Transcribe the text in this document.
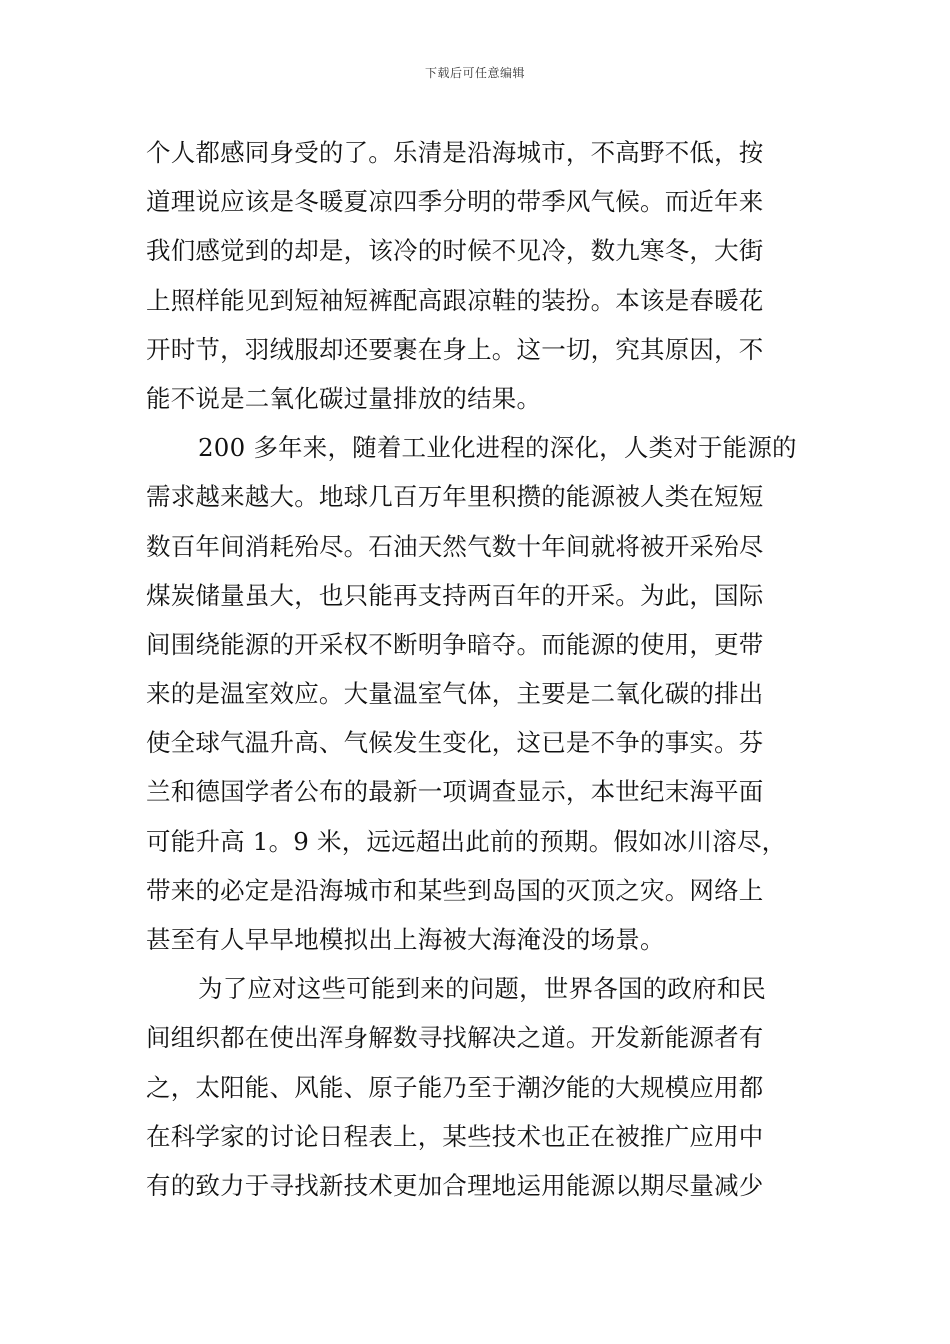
下载后可任意编辑

个人都感同身受的了。乐清是沿海城市，不高野不低，按
道理说应该是冬暖夏凉四季分明的带季风气候。而近年来
我们感觉到的却是，该冷的时候不见冷，数九寒冬，大街
上照样能见到短袖短裤配高跟凉鞋的装扮。本该是春暖花
开时节，羽绒服却还要裹在身上。这一切，究其原因，不
能不说是二氧化碳过量排放的结果。

200 多年来，随着工业化进程的深化，人类对于能源的
需求越来越大。地球几百万年里积攒的能源被人类在短短
数百年间消耗殆尽。石油天然气数十年间就将被开采殆尽
煤炭储量虽大，也只能再支持两百年的开采。为此，国际
间围绕能源的开采权不断明争暗夺。而能源的使用，更带
来的是温室效应。大量温室气体，主要是二氧化碳的排出
使全球气温升高、气候发生变化，这已是不争的事实。芬
兰和德国学者公布的最新一项调查显示，本世纪末海平面
可能升高 1。9 米，远远超出此前的预期。假如冰川溶尽，
带来的必定是沿海城市和某些到岛国的灭顶之灾。网络上
甚至有人早早地模拟出上海被大海淹没的场景。

为了应对这些可能到来的问题，世界各国的政府和民
间组织都在使出浑身解数寻找解决之道。开发新能源者有
之，太阳能、风能、原子能乃至于潮汐能的大规模应用都
在科学家的讨论日程表上，某些技术也正在被推广应用中
有的致力于寻找新技术更加合理地运用能源以期尽量减少
